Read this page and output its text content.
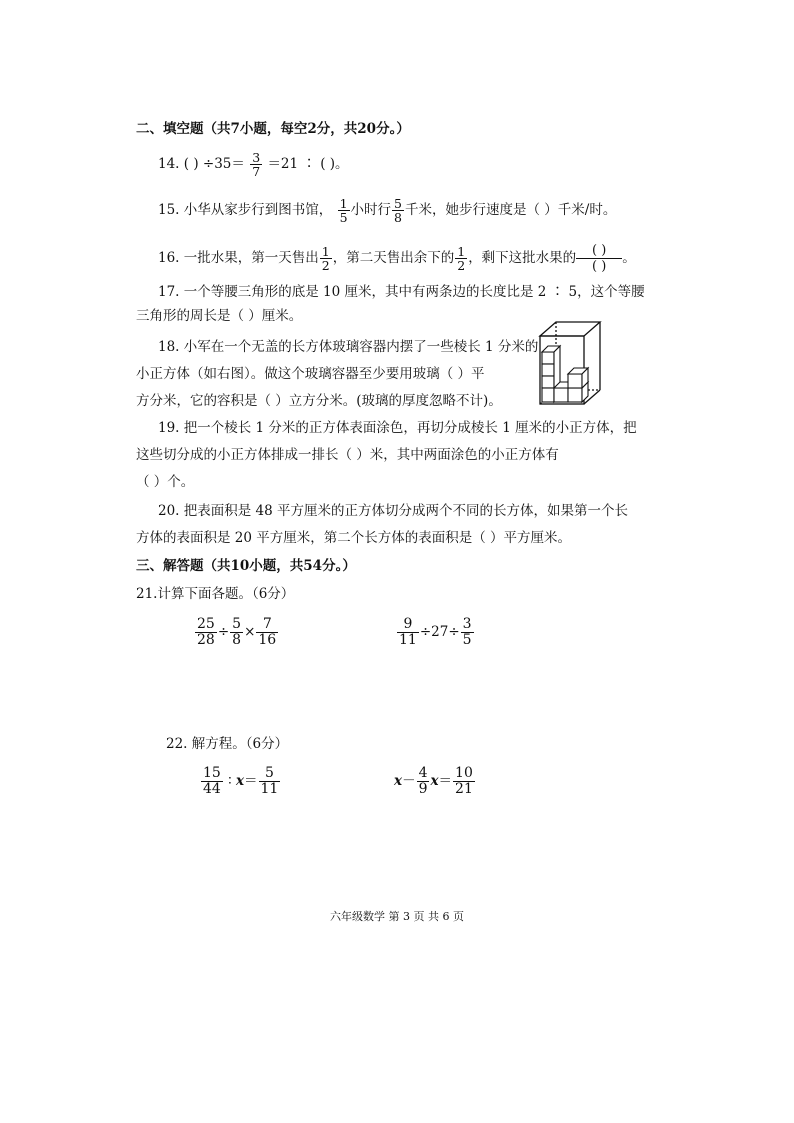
二、填空题（共7小题，每空2分，共20分。）
14. ( ) $\div 35= \frac{3}{7} =21$ ∶ ( )。
15. 小华从家步行到图书馆， $\frac{1}{5}$ 小时行 $\frac{5}{8}$ 千米，她步行速度是（ ）千米/时。
16. 一批水果，第一天售出 $\frac{1}{2}$ ，第二天售出余下的 $\frac{1}{2}$ ，剩下这批水果的 $\frac{( )}{( )}$ 。
17. 一个等腰三角形的底是 10 厘米，其中有两条边的长度比是 2 ∶ 5，这个等腰
三角形的周长是（ ）厘米。
18. 小军在一个无盖的长方体玻璃容器内摆了一些棱长 1 分米的
小正方体（如右图）。做这个玻璃容器至少要用玻璃（ ）平
方分米，它的容积是（ ）立方分米。(玻璃的厚度忽略不计)。
19. 把一个棱长 1 分米的正方体表面涂色，再切分成棱长 1 厘米的小正方体，把
这些切分成的小正方体排成一排长（ ）米，其中两面涂色的小正方体有
（ ）个。
20. 把表面积是 48 平方厘米的正方体切分成两个不同的长方体，如果第一个长
方体的表面积是 20 平方厘米，第二个长方体的表面积是（ ）平方厘米。
三、解答题（共10小题，共54分。）
21.计算下面各题。（6分）
$\frac{25}{28} \div \frac{5}{8} \times \frac{7}{16}$	$\frac{9}{11} \div 27\div \frac{3}{5}$
22. 解方程。（6分）
$\frac{15}{44}$ ∶ $x= \frac{5}{11}$	$x- \frac{4}{9} x= \frac{10}{21}$
六年级数学 第 3 页 共 6 页
